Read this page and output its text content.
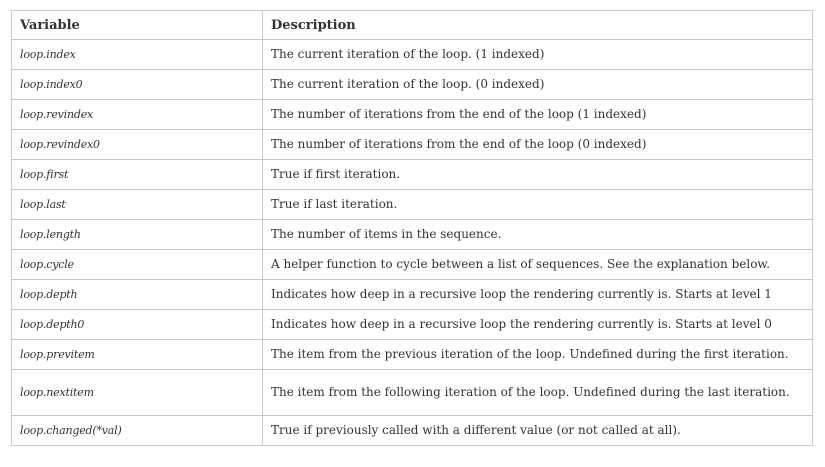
Variable	Description
loop.index	The current iteration of the loop. (1 indexed)
loop.index0	The current iteration of the loop. (0 indexed)
loop.revindex	The number of iterations from the end of the loop (1 indexed)
loop.revindex0	The number of iterations from the end of the loop (0 indexed)
loop.first	True if first iteration.
loop.last	True if last iteration.
loop.length	The number of items in the sequence.
loop.cycle	A helper function to cycle between a list of sequences. See the explanation below.
loop.depth	Indicates how deep in a recursive loop the rendering currently is. Starts at level 1
loop.depth0	Indicates how deep in a recursive loop the rendering currently is. Starts at level 0
loop.previtem	The item from the previous iteration of the loop. Undefined during the first iteration.
loop.nextitem	The item from the following iteration of the loop. Undefined during the last iteration.
loop.changed(*val)	True if previously called with a different value (or not called at all).
